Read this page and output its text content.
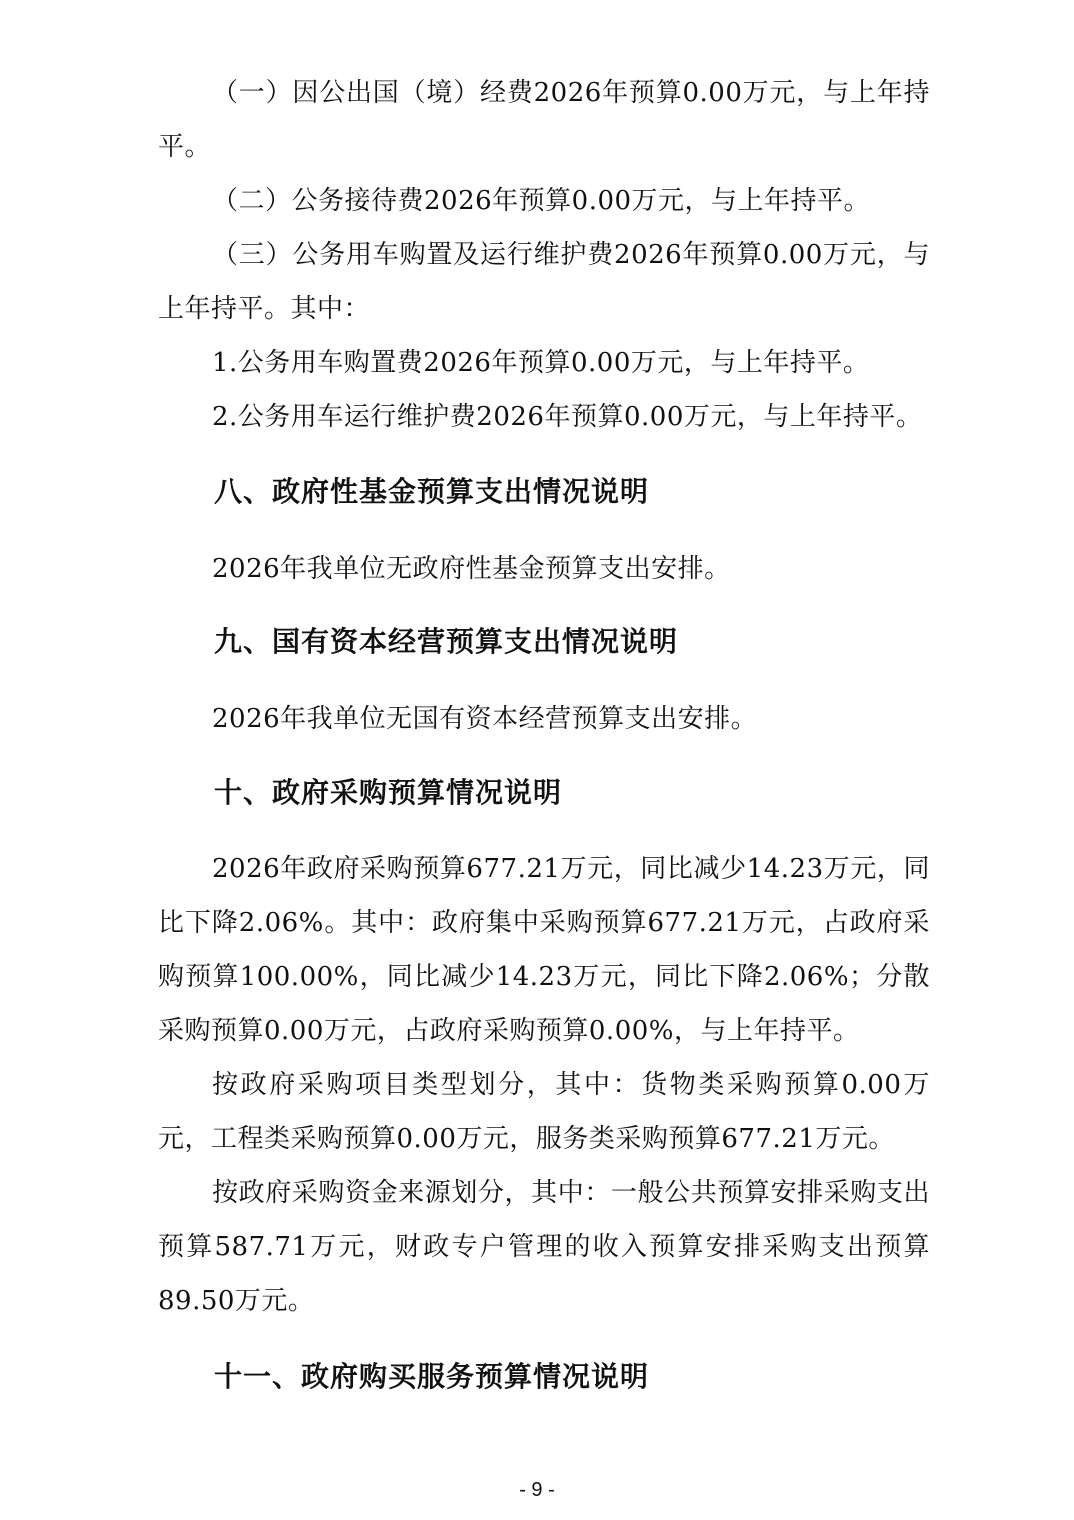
（一）因公出国（境）经费2026年预算0.00万元，与上年持平。

（二）公务接待费2026年预算0.00万元，与上年持平。

（三）公务用车购置及运行维护费2026年预算0.00万元，与上年持平。其中：

1.公务用车购置费2026年预算0.00万元，与上年持平。

2.公务用车运行维护费2026年预算0.00万元，与上年持平。

八、政府性基金预算支出情况说明

2026年我单位无政府性基金预算支出安排。

九、国有资本经营预算支出情况说明

2026年我单位无国有资本经营预算支出安排。

十、政府采购预算情况说明

2026年政府采购预算677.21万元，同比减少14.23万元，同比下降2.06%。其中：政府集中采购预算677.21万元，占政府采购预算100.00%，同比减少14.23万元，同比下降2.06%；分散采购预算0.00万元，占政府采购预算0.00%，与上年持平。

按政府采购项目类型划分，其中：货物类采购预算0.00万元，工程类采购预算0.00万元，服务类采购预算677.21万元。

按政府采购资金来源划分，其中：一般公共预算安排采购支出预算587.71万元，财政专户管理的收入预算安排采购支出预算89.50万元。

十一、政府购买服务预算情况说明
- 9 -
